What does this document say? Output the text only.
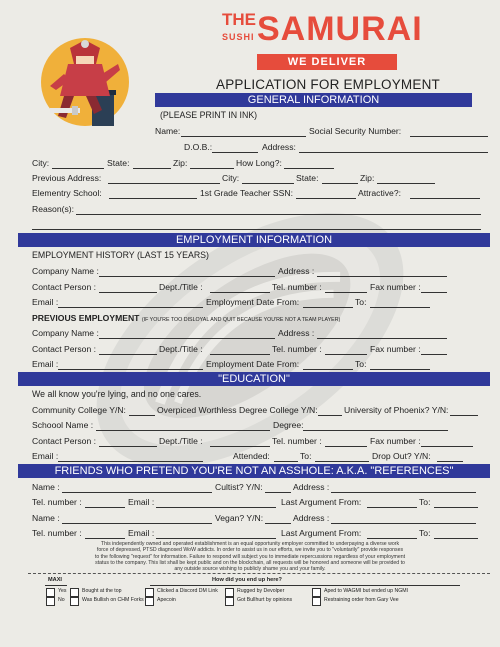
THE
SUSHI SAMURAI
WE DELIVER
APPLICATION FOR EMPLOYMENT
GENERAL INFORMATION
(PLEASE PRINT IN INK)
Name:	Social Security Number:
D.O.B.:	Address:
City:	State:	Zip:	How Long?:
Previous Address:	City:	State:	Zip:
Elementry School:	1st Grade Teacher SSN:	Attractive?:
Reason(s):
EMPLOYMENT INFORMATION
EMPLOYMENT HISTORY (LAST 15 YEARS)
Company Name :	Address :
Contact Person :	Dept./Title :	Tel. number :	Fax number :
Email :	Employment Date From:	To:
PREVIOUS EMPLOYMENT (IF YOU'RE TOO DISLOYAL AND QUIT BECAUSE YOU'RE NOT A TEAM PLAYER)
Company Name :	Address :
Contact Person :	Dept./Title :	Tel. number :	Fax number :
Email :	Employment Date From:	To:
"EDUCATION"
We all know you're lying, and no one cares.
Community College Y/N:	Overpiced Worthless Degree College Y/N:	University of Phoenix? Y/N:
Schoool Name :	Degree:
Contact Person :	Dept./Title :	Tel. number :	Fax number :
Email :	Attended:	To:	Drop Out? Y/N:
FRIENDS WHO PRETEND YOU'RE NOT AN ASSHOLE: A.K.A. "REFERENCES"
Name :	Cultist? Y/N:	Address :
Tel. number :	Email :	Last Argument From:	To:
Name :	Vegan? Y/N:	Address :
Tel. number :	Email :	Last Argument From:	To:
This independently owned and operated establishment is an equal opportunity employer committed to underpaying a diverse work
force of depressed, PTSD diagnosed WoW addicts. In order to assist us in our efforts, we invite you to "voluntarily" provide responses
to the following "request" for information. Failure to respond will subject you to immediate repercussions regardless of your employment
status to the company. This list shall be kept public and on the blockchain, all requests will be honored and someone will be provided to
any outside source wishing to publicly shame you and your family.
MAXI	How did you end up here?
Yes
No
Bought at the top
Was Bullish on CHM Forks
Clicked a Discord DM Link
Apecoin
Rugged by Devolper
Got Bullhurt by opinions
Aped to WAGMI but ended up NGMI
Restraining order from Gary Vee
